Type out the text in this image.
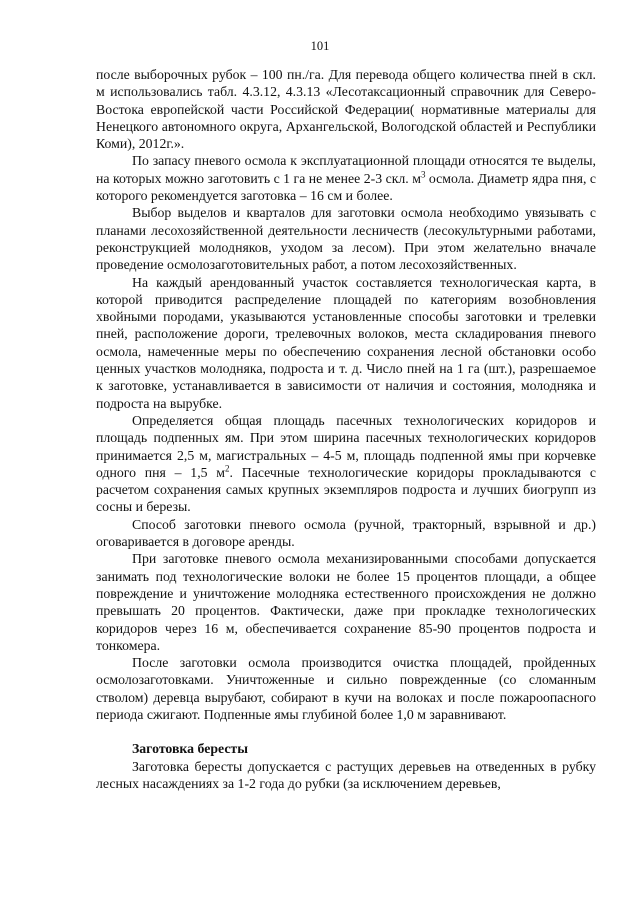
101

после выборочных рубок – 100 пн./га. Для перевода общего количества пней в скл. м использовались табл. 4.3.12, 4.3.13 «Лесотаксационный справочник для Северо-Востока европейской части Российской Федерации( нормативные материалы для Ненецкого автономного округа, Архангельской, Вологодской областей и Республики Коми), 2012г.».

По запасу пневого осмола к эксплуатационной площади относятся те выделы, на которых можно заготовить с 1 га не менее 2-3 скл. $м^3$ осмола. Диаметр ядра пня, с которого рекомендуется заготовка – 16 см и более.

Выбор выделов и кварталов для заготовки осмола необходимо увязывать с планами лесохозяйственной деятельности лесничеств (лесокультурными работами, реконструкцией молодняков, уходом за лесом). При этом желательно вначале проведение осмолозаготовительных работ, а потом лесохозяйственных.

На каждый арендованный участок составляется технологическая карта, в которой приводится распределение площадей по категориям возобновления хвойными породами, указываются установленные способы заготовки и трелевки пней, расположение дороги, трелевочных волоков, места складирования пневого осмола, намеченные меры по обеспечению сохранения лесной обстановки особо ценных участков молодняка, подроста и т. д. Число пней на 1 га (шт.), разрешаемое к заготовке, устанавливается в зависимости от наличия и состояния, молодняка и подроста на вырубке.

Определяется общая площадь пасечных технологических коридоров и площадь подпенных ям. При этом ширина пасечных технологических коридоров принимается 2,5 м, магистральных – 4-5 м, площадь подпенной ямы при корчевке одного пня – 1,5 $м^2$. Пасечные технологические коридоры прокладываются с расчетом сохранения самых крупных экземпляров подроста и лучших биогрупп из сосны и березы.

Способ заготовки пневого осмола (ручной, тракторный, взрывной и др.) оговаривается в договоре аренды.

При заготовке пневого осмола механизированными способами допускается занимать под технологические волоки не более 15 процентов площади, а общее повреждение и уничтожение молодняка естественного происхождения не должно превышать 20 процентов. Фактически, даже при прокладке технологических коридоров через 16 м, обеспечивается сохранение 85-90 процентов подроста и тонкомера.

После заготовки осмола производится очистка площадей, пройденных осмолозаготовками. Уничтоженные и сильно поврежденные (со сломанным стволом) деревца вырубают, собирают в кучи на волоках и после пожароопасного периода сжигают. Подпенные ямы глубиной более 1,0 м заравнивают.

Заготовка бересты

Заготовка бересты допускается с растущих деревьев на отведенных в рубку лесных насаждениях за 1-2 года до рубки (за исключением деревьев,
